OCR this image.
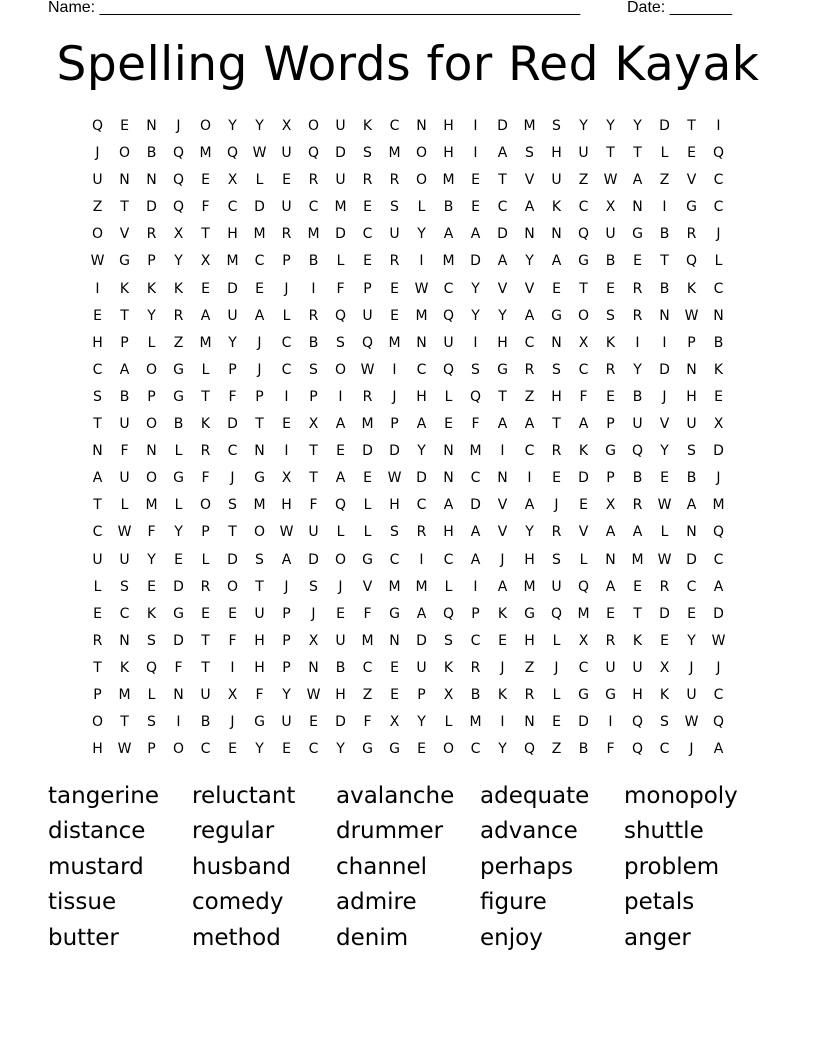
Name: ______________________________________________________	Date: _______
Spelling Words for Red Kayak
Q	E	N	J	O	Y	Y	X	O	U	K	C	N	H	I	D	M	S	Y	Y	Y	D	T	I
J	O	B	Q	M	Q	W	U	Q	D	S	M	O	H	I	A	S	H	U	T	T	L	E	Q
U	N	N	Q	E	X	L	E	R	U	R	R	O	M	E	T	V	U	Z	W	A	Z	V	C
Z	T	D	Q	F	C	D	U	C	M	E	S	L	B	E	C	A	K	C	X	N	I	G	C
O	V	R	X	T	H	M	R	M	D	C	U	Y	A	A	D	N	N	Q	U	G	B	R	J
W	G	P	Y	X	M	C	P	B	L	E	R	I	M	D	A	Y	A	G	B	E	T	Q	L
I	K	K	K	E	D	E	J	I	F	P	E	W	C	Y	V	V	E	T	E	R	B	K	C
E	T	Y	R	A	U	A	L	R	Q	U	E	M	Q	Y	Y	A	G	O	S	R	N	W	N
H	P	L	Z	M	Y	J	C	B	S	Q	M	N	U	I	H	C	N	X	K	I	I	P	B
C	A	O	G	L	P	J	C	S	O	W	I	C	Q	S	G	R	S	C	R	Y	D	N	K
S	B	P	G	T	F	P	I	P	I	R	J	H	L	Q	T	Z	H	F	E	B	J	H	E
T	U	O	B	K	D	T	E	X	A	M	P	A	E	F	A	A	T	A	P	U	V	U	X
N	F	N	L	R	C	N	I	T	E	D	D	Y	N	M	I	C	R	K	G	Q	Y	S	D
A	U	O	G	F	J	G	X	T	A	E	W	D	N	C	N	I	E	D	P	B	E	B	J
T	L	M	L	O	S	M	H	F	Q	L	H	C	A	D	V	A	J	E	X	R	W	A	M
C	W	F	Y	P	T	O	W	U	L	L	S	R	H	A	V	Y	R	V	A	A	L	N	Q
U	U	Y	E	L	D	S	A	D	O	G	C	I	C	A	J	H	S	L	N	M	W	D	C
L	S	E	D	R	O	T	J	S	J	V	M	M	L	I	A	M	U	Q	A	E	R	C	A
E	C	K	G	E	E	U	P	J	E	F	G	A	Q	P	K	G	Q	M	E	T	D	E	D
R	N	S	D	T	F	H	P	X	U	M	N	D	S	C	E	H	L	X	R	K	E	Y	W
T	K	Q	F	T	I	H	P	N	B	C	E	U	K	R	J	Z	J	C	U	U	X	J	J
P	M	L	N	U	X	F	Y	W	H	Z	E	P	X	B	K	R	L	G	G	H	K	U	C
O	T	S	I	B	J	G	U	E	D	F	X	Y	L	M	I	N	E	D	I	Q	S	W	Q
H	W	P	O	C	E	Y	E	C	Y	G	G	E	O	C	Y	Q	Z	B	F	Q	C	J	A
tangerine	reluctant	avalanche	adequate	monopoly
distance	regular	drummer	advance	shuttle
mustard	husband	channel	perhaps	problem
tissue	comedy	admire	figure	petals
butter	method	denim	enjoy	anger
